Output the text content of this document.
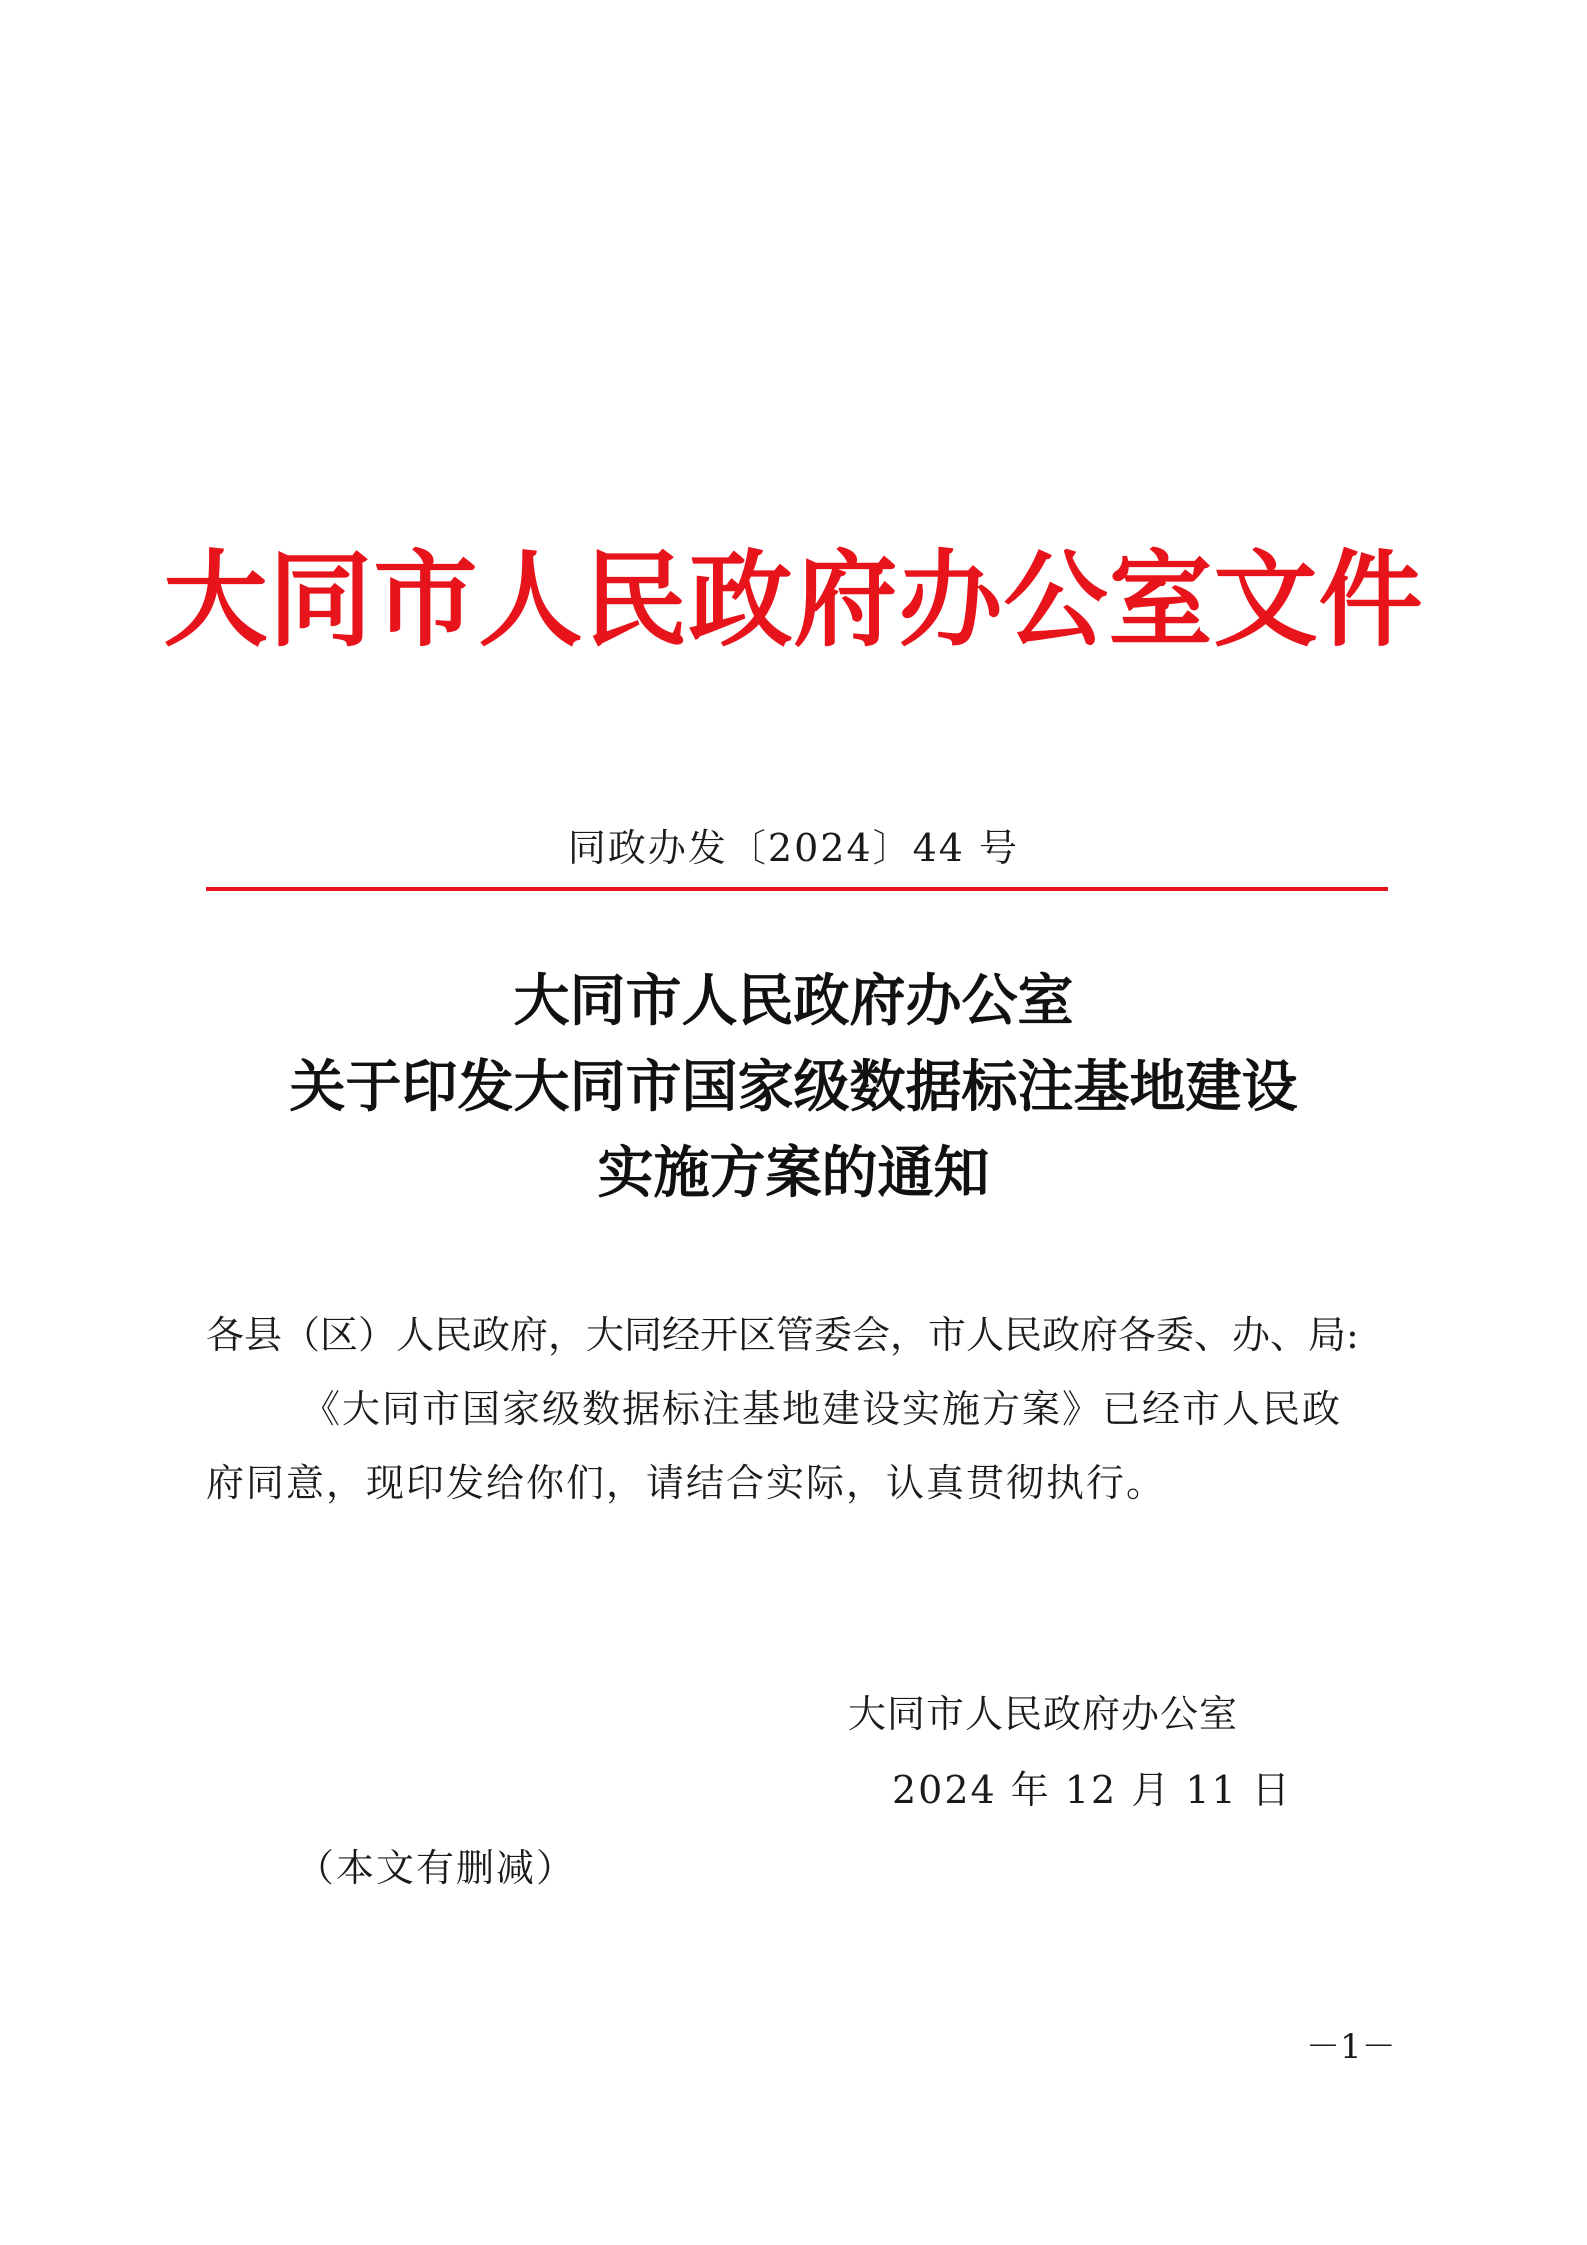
大同市人民政府办公室文件
同政办发〔2024〕44 号
大同市人民政府办公室
关于印发大同市国家级数据标注基地建设
实施方案的通知
各县（区）人民政府，大同经开区管委会，市人民政府各委、办、局:
《大同市国家级数据标注基地建设实施方案》已经市人民政
府同意，现印发给你们，请结合实际，认真贯彻执行。
大同市人民政府办公室
2024 年 12 月 11 日
（本文有删减）
－1－
